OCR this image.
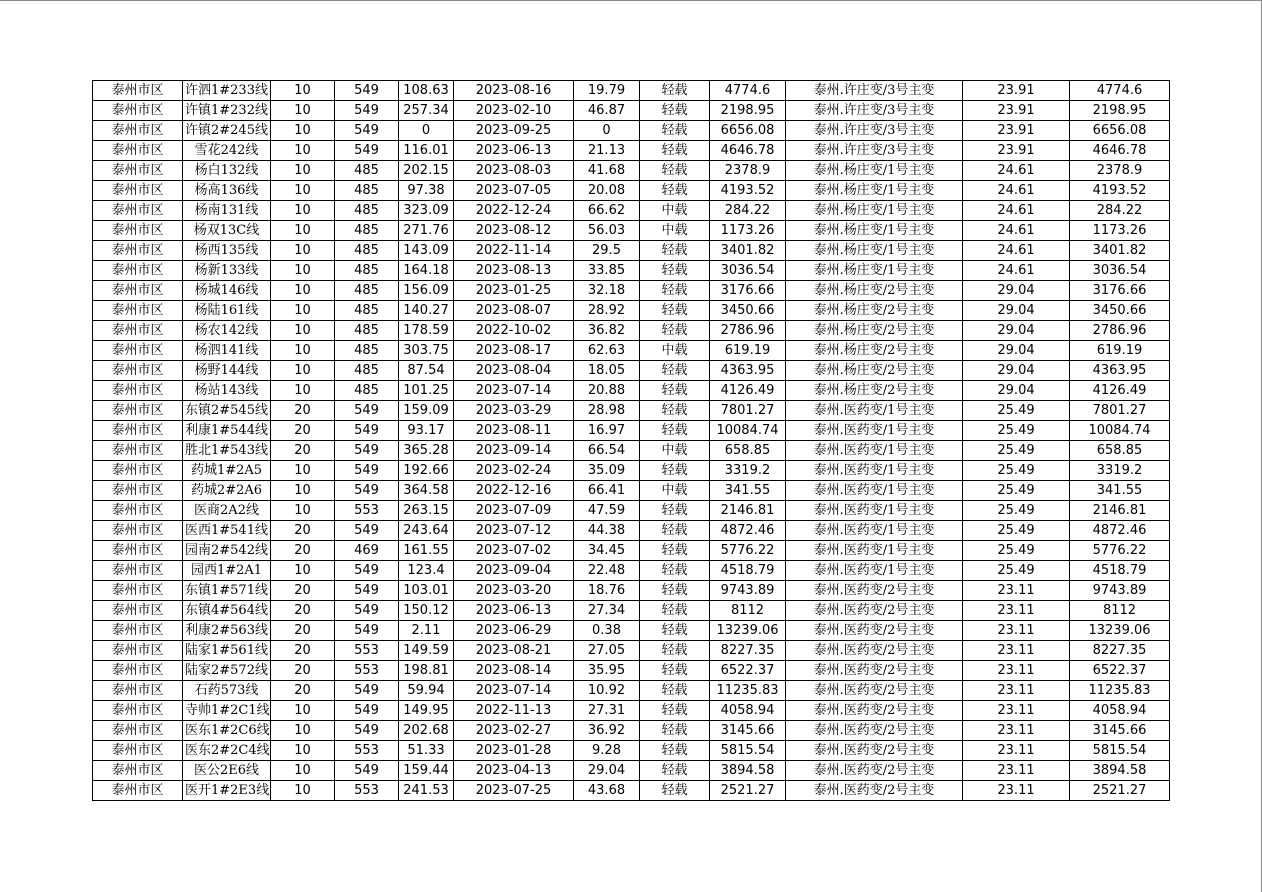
泰州市区	许泗1#233线	10	549	108.63	2023-08-16	19.79	轻载	4774.6	泰州.许庄变/3号主变	23.91	4774.6
泰州市区	许镇1#232线	10	549	257.34	2023-02-10	46.87	轻载	2198.95	泰州.许庄变/3号主变	23.91	2198.95
泰州市区	许镇2#245线	10	549	0	2023-09-25	0	轻载	6656.08	泰州.许庄变/3号主变	23.91	6656.08
泰州市区	雪花242线	10	549	116.01	2023-06-13	21.13	轻载	4646.78	泰州.许庄变/3号主变	23.91	4646.78
泰州市区	杨白132线	10	485	202.15	2023-08-03	41.68	轻载	2378.9	泰州.杨庄变/1号主变	24.61	2378.9
泰州市区	杨高136线	10	485	97.38	2023-07-05	20.08	轻载	4193.52	泰州.杨庄变/1号主变	24.61	4193.52
泰州市区	杨南131线	10	485	323.09	2022-12-24	66.62	中载	284.22	泰州.杨庄变/1号主变	24.61	284.22
泰州市区	杨双13C线	10	485	271.76	2023-08-12	56.03	中载	1173.26	泰州.杨庄变/1号主变	24.61	1173.26
泰州市区	杨西135线	10	485	143.09	2022-11-14	29.5	轻载	3401.82	泰州.杨庄变/1号主变	24.61	3401.82
泰州市区	杨新133线	10	485	164.18	2023-08-13	33.85	轻载	3036.54	泰州.杨庄变/1号主变	24.61	3036.54
泰州市区	杨城146线	10	485	156.09	2023-01-25	32.18	轻载	3176.66	泰州.杨庄变/2号主变	29.04	3176.66
泰州市区	杨陆161线	10	485	140.27	2023-08-07	28.92	轻载	3450.66	泰州.杨庄变/2号主变	29.04	3450.66
泰州市区	杨农142线	10	485	178.59	2022-10-02	36.82	轻载	2786.96	泰州.杨庄变/2号主变	29.04	2786.96
泰州市区	杨泗141线	10	485	303.75	2023-08-17	62.63	中载	619.19	泰州.杨庄变/2号主变	29.04	619.19
泰州市区	杨野144线	10	485	87.54	2023-08-04	18.05	轻载	4363.95	泰州.杨庄变/2号主变	29.04	4363.95
泰州市区	杨站143线	10	485	101.25	2023-07-14	20.88	轻载	4126.49	泰州.杨庄变/2号主变	29.04	4126.49
泰州市区	东镇2#545线	20	549	159.09	2023-03-29	28.98	轻载	7801.27	泰州.医药变/1号主变	25.49	7801.27
泰州市区	利康1#544线	20	549	93.17	2023-08-11	16.97	轻载	10084.74	泰州.医药变/1号主变	25.49	10084.74
泰州市区	胜北1#543线	20	549	365.28	2023-09-14	66.54	中载	658.85	泰州.医药变/1号主变	25.49	658.85
泰州市区	药城1#2A5	10	549	192.66	2023-02-24	35.09	轻载	3319.2	泰州.医药变/1号主变	25.49	3319.2
泰州市区	药城2#2A6	10	549	364.58	2022-12-16	66.41	中载	341.55	泰州.医药变/1号主变	25.49	341.55
泰州市区	医商2A2线	10	553	263.15	2023-07-09	47.59	轻载	2146.81	泰州.医药变/1号主变	25.49	2146.81
泰州市区	医西1#541线	20	549	243.64	2023-07-12	44.38	轻载	4872.46	泰州.医药变/1号主变	25.49	4872.46
泰州市区	园南2#542线	20	469	161.55	2023-07-02	34.45	轻载	5776.22	泰州.医药变/1号主变	25.49	5776.22
泰州市区	园西1#2A1	10	549	123.4	2023-09-04	22.48	轻载	4518.79	泰州.医药变/1号主变	25.49	4518.79
泰州市区	东镇1#571线	20	549	103.01	2023-03-20	18.76	轻载	9743.89	泰州.医药变/2号主变	23.11	9743.89
泰州市区	东镇4#564线	20	549	150.12	2023-06-13	27.34	轻载	8112	泰州.医药变/2号主变	23.11	8112
泰州市区	利康2#563线	20	549	2.11	2023-06-29	0.38	轻载	13239.06	泰州.医药变/2号主变	23.11	13239.06
泰州市区	陆家1#561线	20	553	149.59	2023-08-21	27.05	轻载	8227.35	泰州.医药变/2号主变	23.11	8227.35
泰州市区	陆家2#572线	20	553	198.81	2023-08-14	35.95	轻载	6522.37	泰州.医药变/2号主变	23.11	6522.37
泰州市区	石药573线	20	549	59.94	2023-07-14	10.92	轻载	11235.83	泰州.医药变/2号主变	23.11	11235.83
泰州市区	寺帅1#2C1线	10	549	149.95	2022-11-13	27.31	轻载	4058.94	泰州.医药变/2号主变	23.11	4058.94
泰州市区	医东1#2C6线	10	549	202.68	2023-02-27	36.92	轻载	3145.66	泰州.医药变/2号主变	23.11	3145.66
泰州市区	医东2#2C4线	10	553	51.33	2023-01-28	9.28	轻载	5815.54	泰州.医药变/2号主变	23.11	5815.54
泰州市区	医公2E6线	10	549	159.44	2023-04-13	29.04	轻载	3894.58	泰州.医药变/2号主变	23.11	3894.58
泰州市区	医开1#2E3线	10	553	241.53	2023-07-25	43.68	轻载	2521.27	泰州.医药变/2号主变	23.11	2521.27
